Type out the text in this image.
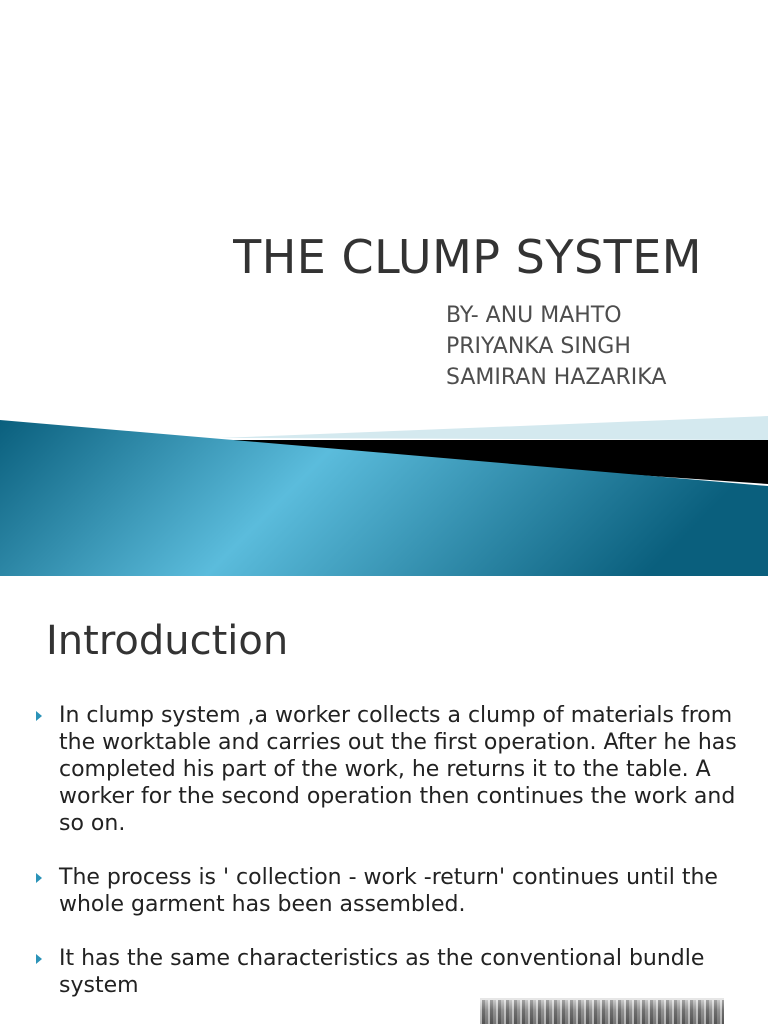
THE CLUMP SYSTEM
BY- ANU MAHTO
PRIYANKA SINGH
SAMIRAN HAZARIKA
Introduction
In clump system ,a worker collects a clump of materials from the worktable and carries out the first operation. After he has completed his part of the work, he returns it to the table. A worker for the second operation then continues the work and so on.
The process is ' collection - work -return' continues until the whole garment has been assembled.
It has the same characteristics as the conventional bundle system
